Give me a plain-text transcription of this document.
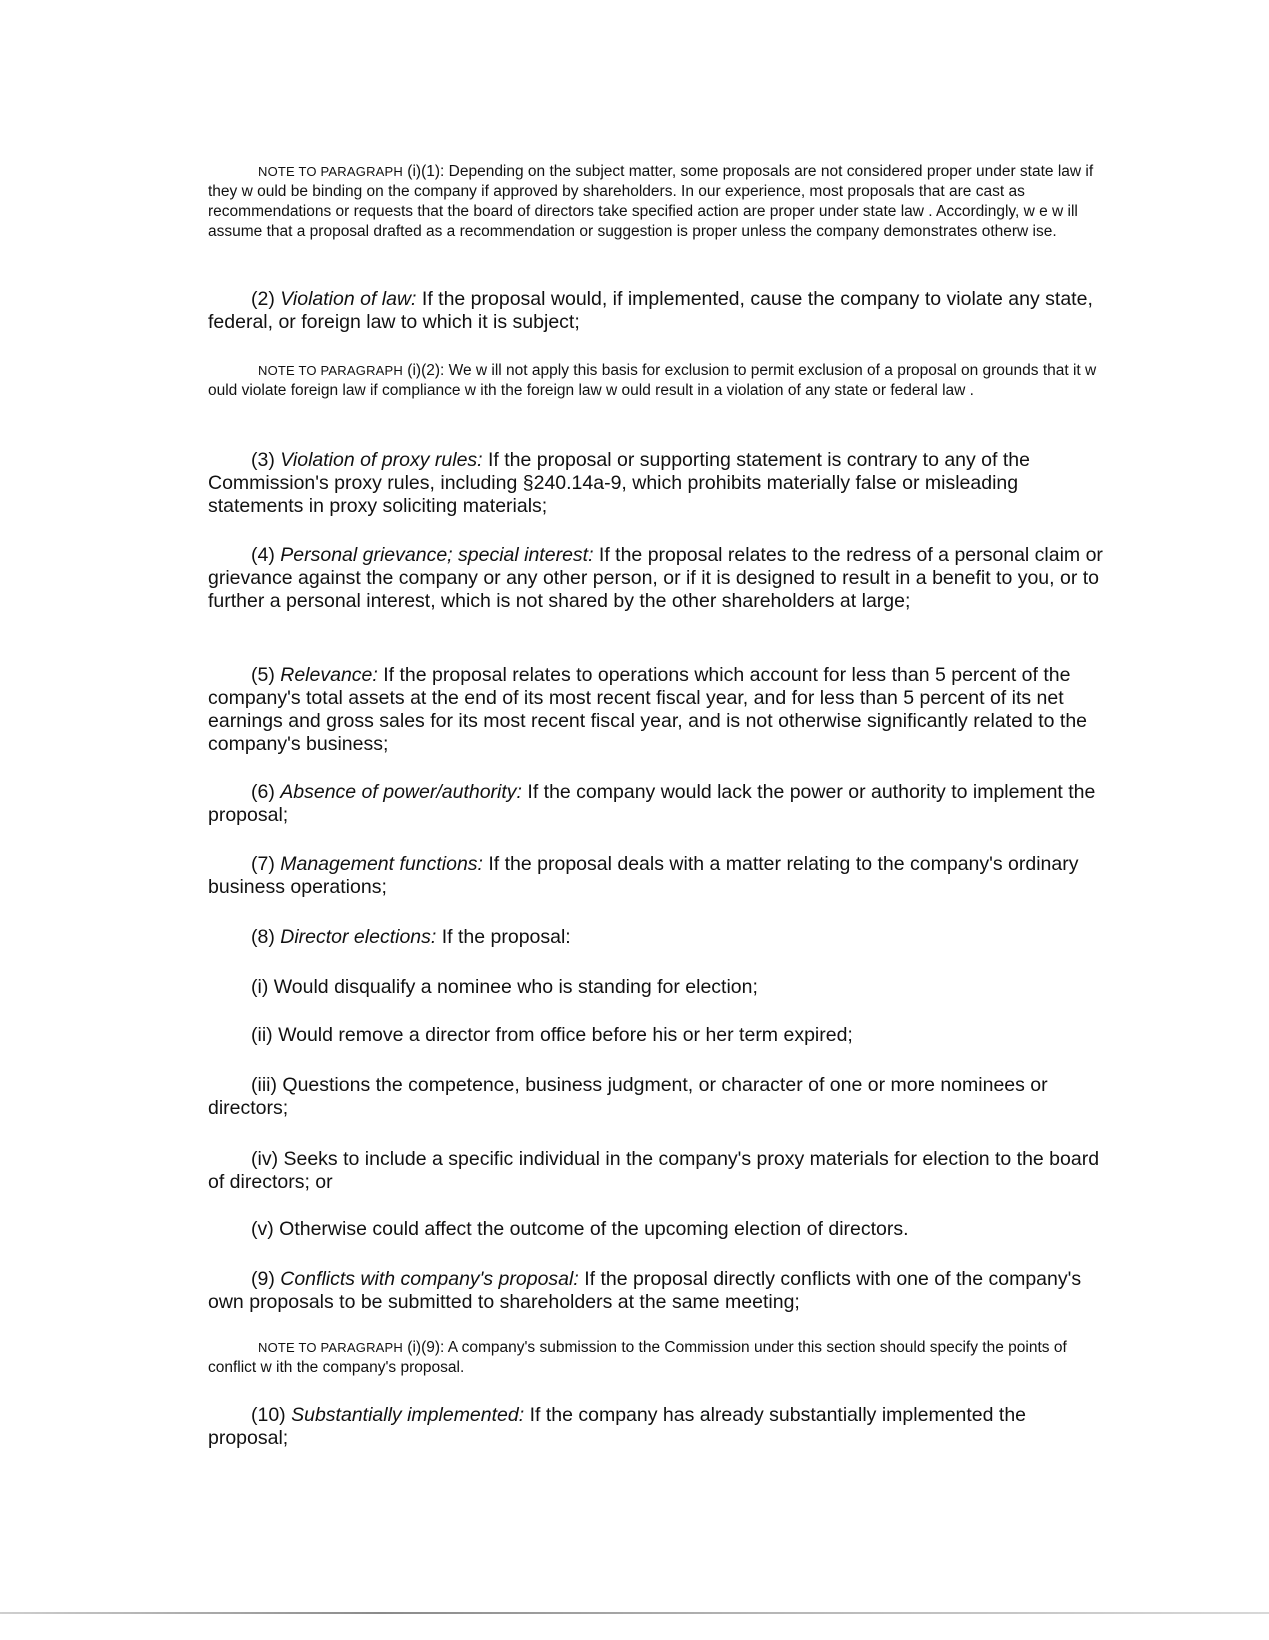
NOTE TO PARAGRAPH (i)(1): Depending on the subject matter, some proposals are not considered proper under state law if they w ould be binding on the company if approved by shareholders. In our experience, most proposals that are cast as recommendations or requests that the board of directors take specified action are proper under state law . Accordingly, w e w ill assume that a proposal drafted as a recommendation or suggestion is proper unless the company demonstrates otherw ise.
(2) Violation of law: If the proposal would, if implemented, cause the company to violate any state, federal, or foreign law to which it is subject;
NOTE TO PARAGRAPH (i)(2): We w ill not apply this basis for exclusion to permit exclusion of a proposal on grounds that it w ould violate foreign law if compliance w ith the foreign law w ould result in a violation of any state or federal law .
(3) Violation of proxy rules: If the proposal or supporting statement is contrary to any of the Commission's proxy rules, including §240.14a-9, which prohibits materially false or misleading statements in proxy soliciting materials;
(4) Personal grievance; special interest: If the proposal relates to the redress of a personal claim or grievance against the company or any other person, or if it is designed to result in a benefit to you, or to further a personal interest, which is not shared by the other shareholders at large;
(5) Relevance: If the proposal relates to operations which account for less than 5 percent of the company's total assets at the end of its most recent fiscal year, and for less than 5 percent of its net earnings and gross sales for its most recent fiscal year, and is not otherwise significantly related to the company's business;
(6) Absence of power/authority: If the company would lack the power or authority to implement the proposal;
(7) Management functions: If the proposal deals with a matter relating to the company's ordinary business operations;
(8) Director elections: If the proposal:
(i) Would disqualify a nominee who is standing for election;
(ii) Would remove a director from office before his or her term expired;
(iii) Questions the competence, business judgment, or character of one or more nominees or directors;
(iv) Seeks to include a specific individual in the company's proxy materials for election to the board of directors; or
(v) Otherwise could affect the outcome of the upcoming election of directors.
(9) Conflicts with company's proposal: If the proposal directly conflicts with one of the company's own proposals to be submitted to shareholders at the same meeting;
NOTE TO PARAGRAPH (i)(9): A company's submission to the Commission under this section should specify the points of conflict w ith the company's proposal.
(10) Substantially implemented: If the company has already substantially implemented the proposal;
